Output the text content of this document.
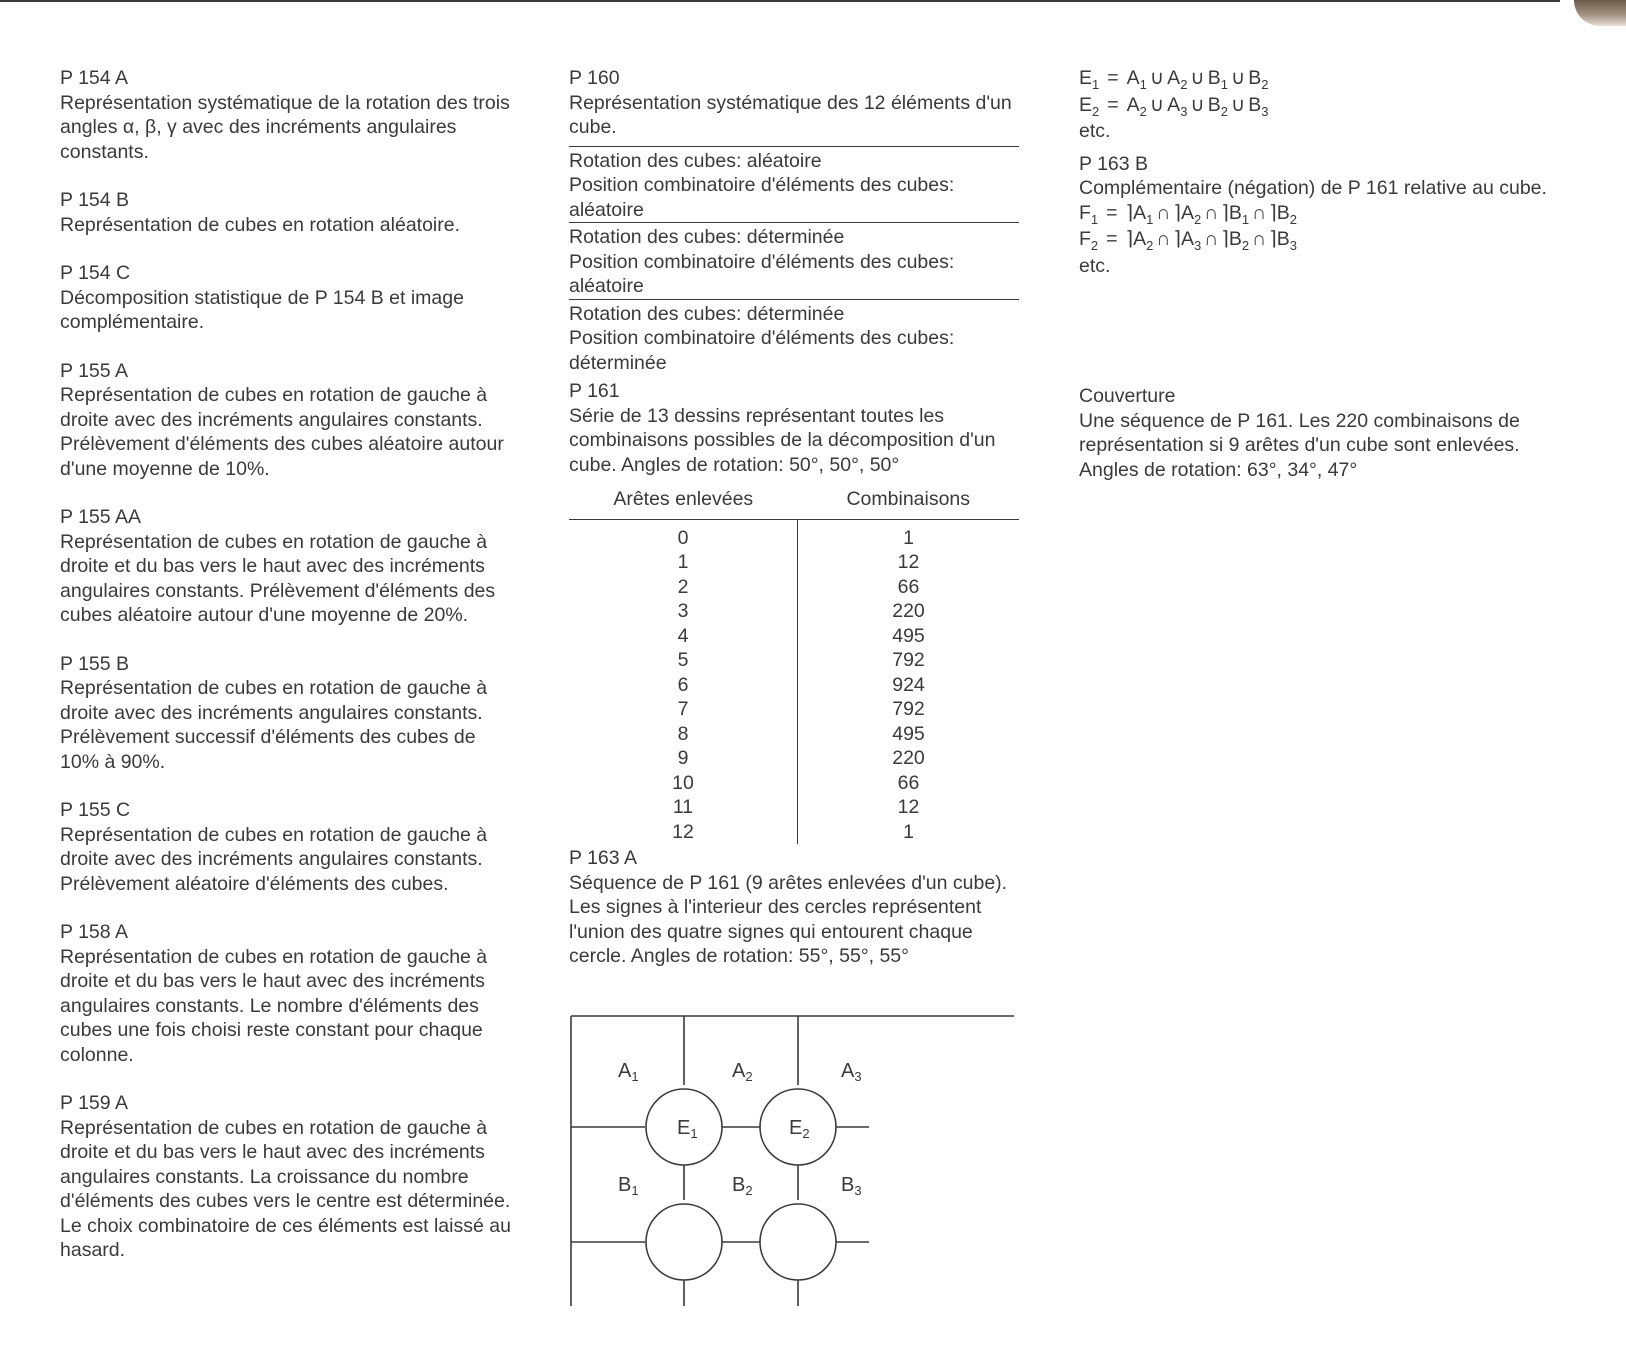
P 154 A
Représentation systématique de la rotation des trois angles α, β, γ avec des incréments angulaires constants.
P 154 B
Représentation de cubes en rotation aléatoire.
P 154 C
Décomposition statistique de P 154 B et image complémentaire.
P 155 A
Représentation de cubes en rotation de gauche à droite avec des incréments angulaires constants. Prélèvement d'éléments des cubes aléatoire autour d'une moyenne de 10%.
P 155 AA
Représentation de cubes en rotation de gauche à droite et du bas vers le haut avec des incréments angulaires constants. Prélèvement d'éléments des cubes aléatoire autour d'une moyenne de 20%.
P 155 B
Représentation de cubes en rotation de gauche à droite avec des incréments angulaires constants. Prélèvement successif d'éléments des cubes de 10% à 90%.
P 155 C
Représentation de cubes en rotation de gauche à droite avec des incréments angulaires constants. Prélèvement aléatoire d'éléments des cubes.
P 158 A
Représentation de cubes en rotation de gauche à droite et du bas vers le haut avec des incréments angulaires constants. Le nombre d'éléments des cubes une fois choisi reste constant pour chaque colonne.
P 159 A
Représentation de cubes en rotation de gauche à droite et du bas vers le haut avec des incréments angulaires constants. La croissance du nombre d'éléments des cubes vers le centre est déterminée. Le choix combinatoire de ces éléments est laissé au hasard.
P 160
Représentation systématique des 12 éléments d'un cube.
Rotation des cubes: aléatoire
Position combinatoire d'éléments des cubes:
aléatoire
Rotation des cubes: déterminée
Position combinatoire d'éléments des cubes:
aléatoire
Rotation des cubes: déterminée
Position combinatoire d'éléments des cubes:
déterminée
P 161
Série de 13 dessins représentant toutes les combinaisons possibles de la décomposition d'un cube. Angles de rotation: 50°, 50°, 50°
Arêtes enlevées	Combinaisons
0	1
1	12
2	66
3	220
4	495
5	792
6	924
7	792
8	495
9	220
10	66
11	12
12	1
P 163 A
Séquence de P 161 (9 arêtes enlevées d'un cube). Les signes à l'interieur des cercles représentent l'union des quatre signes qui entourent chaque cercle. Angles de rotation: 55°, 55°, 55°
$A_1$	$A_2$	$A_3$
$E_1$	$E_2$
$B_1$	$B_2$	$B_3$
$E_1 = A_1$ ∪ $A_2$ ∪ $B_1$ ∪ $B_2$
$E_2 = A_2$ ∪ $A_3$ ∪ $B_2$ ∪ $B_3$
etc.
P 163 B
Complémentaire (négation) de P 161 relative au cube.
$F_1$ = $⌉A_1$ ∩ $⌉A_2$ ∩ $⌉B_1$ ∩ $⌉B_2$
$F_2$ = $⌉A_2$ ∩ $⌉A_3$ ∩ $⌉B_2$ ∩ $⌉B_3$
etc.
Couverture
Une séquence de P 161. Les 220 combinaisons de représentation si 9 arêtes d'un cube sont enlevées. Angles de rotation: 63°, 34°, 47°
